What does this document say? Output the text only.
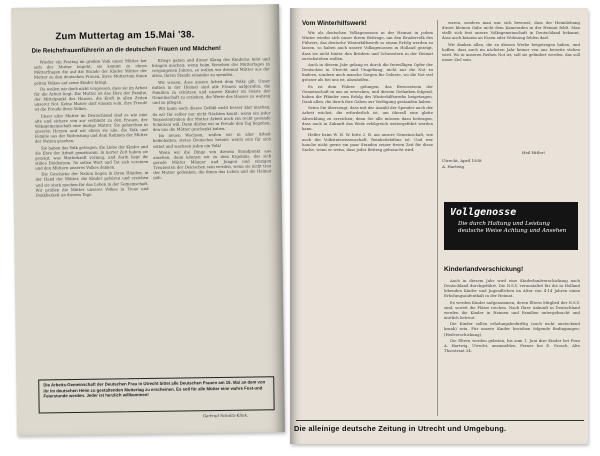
Zum Muttertag am 15.Mai '38.
Die Reichsfrauenführerin an die deutschen Frauen und Mädchen!

Wieder ein Festtag im großen Volk unser Mütter hat sich der Mutter begeht, sie kommt zu ehren Mütterfragen die auf die Stunde der Kinder Mütter der Mutter zu den deutschen Frauen, ihres Muttertum ihnen gelten Volkes auf seine Kinder bringt.

Da wollen wir doch nicht vergessen, dass sie im Arbeit für die Arbeit liegt. Die Mutter ist das Herz der Familie, der Mittelpunkt des Hauses, die Kraft in allen Zeiten unserer Not. Keine Mutter darf einsam sein, ihre Freude ist die Freude ihres Volkes.

Unser aller Mutter im Deutschland sind es wie eine alte und sichere von zur verbliebt zu den Frauen, der Volksgemeinschaft eine mutige Mutter. Sie gehorchen in unseren Herzen und wir ehren sie alle, die Volk und Familie aus der Vorleistung und dem Rahmen der Mütter der Nation gesehen.

Sie haben das Volk getragen, die Liebe der Kinder und die Ehre der Arbeit gemeinsam. In harter Zeit haben sie gezeigt, was Mutterkraft vermag, und darin liegt ihr stilles Heldentum. So sollen Wort und Tat sich vereinen und den Müttern unseres Volkes danken.

Die Geschicke der Nation liegen in ihren Händen, in der Hand der Mütter, die Kinder gebären und erziehen und sie stark machen für das Leben in der Gemeinschaft. Wir grüßen die Mütter unseres Volkes in Treue und Dankbarkeit an diesem Tage.

Kriege gaben und dieser Klang des Kinderns hebt und bringen machen: wenn beim Versehen des Muttertages in vergangenen Jahren, so wollen wir diesmal Mütter aus der alten, ihrem Stande einander zu spenden.

Wir wissen, dass unsere Arbeit dem Volke gilt. Unser mitten in der Heimat sind alle Frauen aufgerufen, die Familien zu schützen und unsere Kinder im Geiste der Gemeinschaft zu erziehen, die Werte des Hauses zu wahren und zu pflegen.

Wir kann nach dieses Gefühl nicht besser klar machen, da wir Ihr selber nur nicht Nächten kennt: wenn ein jeder Vorpostentrohen der Mutter Arbeit noch ein recht gesunde Schicksal will. Dann dürfen wir in Freude den Tag begehen, den uns die Mütter geschenkt haben.

Im neuen Wachsen, wollen wir in aller Arbeit beibehalten, stetes Deutsches betont: welch sein für sich selbst und wachsen jeden ein Volk!

Wenn wir die Dinge von diesem Standpunkt aus ansehen, dann können wir zu dem Ergebnis, das sich gerade Mütter Männer und Jungen und einzigen Treubesten der Deutschen sein werden, wenn sie nicht treu der Mutter gedenken, die ihnen das Leben und die Heimat gab.

Die Arbeits-Gemeinschaft der Deutschen Frau in Utrecht bittet alle Deutschen Frauen am 15. Mai an dem von ihr im deutschen Heim zu gestaltenden Muttertag zu erscheinen. Es soll für alle Mütter eine wahre Fest-und Feierstunde werden. Jeder ist herzlich willkommen!
Gertrud Scholtz-Klink.
Vom Winterhilfswerk!

Wir als deutschen Volksgenossen in der Heimat in jedem Winter wieder sich unser ihrem Beitrage, um den Brudervolk des Führers, das deutsche Winterhilfswerk so einem Erfolg werden zu lassen, so haben auch unsere Volksgenossen in Holland gezeigt, dass sie nicht hinter den Brüdern und Schwestern in der Heimat zurückstehen wollen.

Auch in diesem Jahr gelang es durch die freiwilligen Opfer der Deutschen in Utrecht und Umgebung, nicht nur die Not zu lindern, sondern auch manche Sorgen für Gebiete, wo die Not viel grösser als bei uns ist, abzuhelfen.

Es ist dem Führer gelungen, das Bewusstsein der Gemeinschaft in uns zu erwecken, und diesem Gedanken folgend, haben die Pfänder zum Erfolg des Winterhilfswerks beigetragen. Dank allen, die durch ihre Gaben zur Verfügung gestanden haben.

Seien Sie überzeugt, dass mit der Anzahl der Spender auch der Arbeit wächst, die erforderlich ist, um überall eine glatte Abwicklung zu erreichen; denn Sie alle müssen dazu beitragen, dass auch in Zukunft das Werk erfolgreich weitergeführt werden kann.

Helfer beim W. H. W. bitte 2. B. um unsere Gemeinschaft, wie auch die Volkstatswissenschaft, Reinheitsbühne ist. Und wer hauche nicht gerne ein paar Stunden seiner freien Zeit für diese Sache, wenn er weiss, dass jeder Beitrag gebraucht wird.

waren, sondern man war sich bewusst, dass der Heimliebung dieser kleinen Gabe nicht dem Kameraden in der Heimat fehlt. Man stellt sich fest unsere Volksgemeinschaft in Deutschland bekannt, dass auch keinem an Essen oder Wohnung fehlen darf.

Wir danken allen, die zu diesem Werke beigetragen haben, und hoffen, dass auch im nächsten Jahr keiner von uns beiseite stehen wird. Wo in unseren Reihen Not ist, soll sie gelindert werden, das soll unser Ziel sein.

Heil Hitler!
Utrecht, April 1938
A. Hartwig
Vollgenosse
Die durch Haltung und Leistung deutsche Weise Achtung und Ansehen
Kinderlandverschickung!

Auch in diesem Jahr wird eine Kinderlandverschickung nach Deutschland durchgeführt. Die N.S.V. veranstaltet für die in Holland lebenden Kinder und Jugendlichen im Alter von 4-14 Jahren einen Erholungsaufenthalt in der Heimat.

Es werden Kinder aufgenommen, deren Eltern Mitglied der N.S.V. sind, soweit die Plätze reichen. Nach Ihrer Ankunft in Deutschland werden die Kinder in Heimen und Familien untergebracht und ärztlich betreut.

Die Kinder sollen erholungsbedürftig (auch nicht ansteckend krank) sein. Für unsere Kinder bestehen folgende Bedingungen: (Heilverschickung).

Die Eltern werden gebeten, bis zum 1. Juni ihre Kinder bei Frau A. Hartwig, Utrecht, anzumelden. Ferner bei E. Grosch, Alte Thorstraat 34.

Die alleinige deutsche Zeitung in Utrecht und Umgebung.
